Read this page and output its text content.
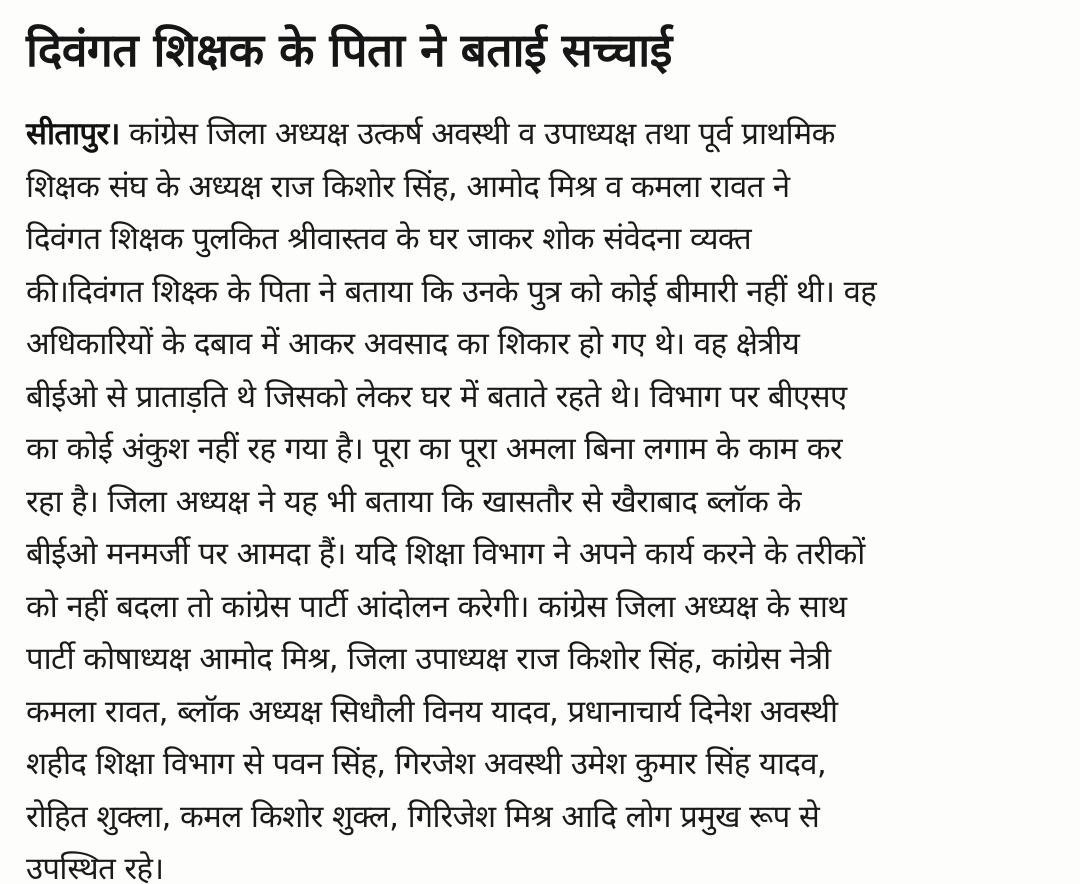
दिवंगत शिक्षक के पिता ने बताई सच्चाई
सीतापुर। कांग्रेस जिला अध्यक्ष उत्कर्ष अवस्थी व उपाध्यक्ष तथा पूर्व प्राथमिक
शिक्षक संघ के अध्यक्ष राज किशोर सिंह, आमोद मिश्र व कमला रावत ने
दिवंगत शिक्षक पुलकित श्रीवास्तव के घर जाकर शोक संवेदना व्यक्त
की।दिवंगत शिक्ष्क के पिता ने बताया कि उनके पुत्र को कोई बीमारी नहीं थी। वह
अधिकारियों के दबाव में आकर अवसाद का शिकार हो गए थे। वह क्षेत्रीय
बीईओ से प्राताड़ति थे जिसको लेकर घर में बताते रहते थे। विभाग पर बीएसए
का कोई अंकुश नहीं रह गया है। पूरा का पूरा अमला बिना लगाम के काम कर
रहा है। जिला अध्यक्ष ने यह भी बताया कि खासतौर से खैराबाद ब्लॉक के
बीईओ मनमर्जी पर आमदा हैं। यदि शिक्षा विभाग ने अपने कार्य करने के तरीकों
को नहीं बदला तो कांग्रेस पार्टी आंदोलन करेगी। कांग्रेस जिला अध्यक्ष के साथ
पार्टी कोषाध्यक्ष आमोद मिश्र, जिला उपाध्यक्ष राज किशोर सिंह, कांग्रेस नेत्री
कमला रावत, ब्लॉक अध्यक्ष सिधौली विनय यादव, प्रधानाचार्य दिनेश अवस्थी
शहीद शिक्षा विभाग से पवन सिंह, गिरजेश अवस्थी उमेश कुमार सिंह यादव,
रोहित शुक्ला, कमल किशोर शुक्ल, गिरिजेश मिश्र आदि लोग प्रमुख रूप से
उपस्थित रहे।
